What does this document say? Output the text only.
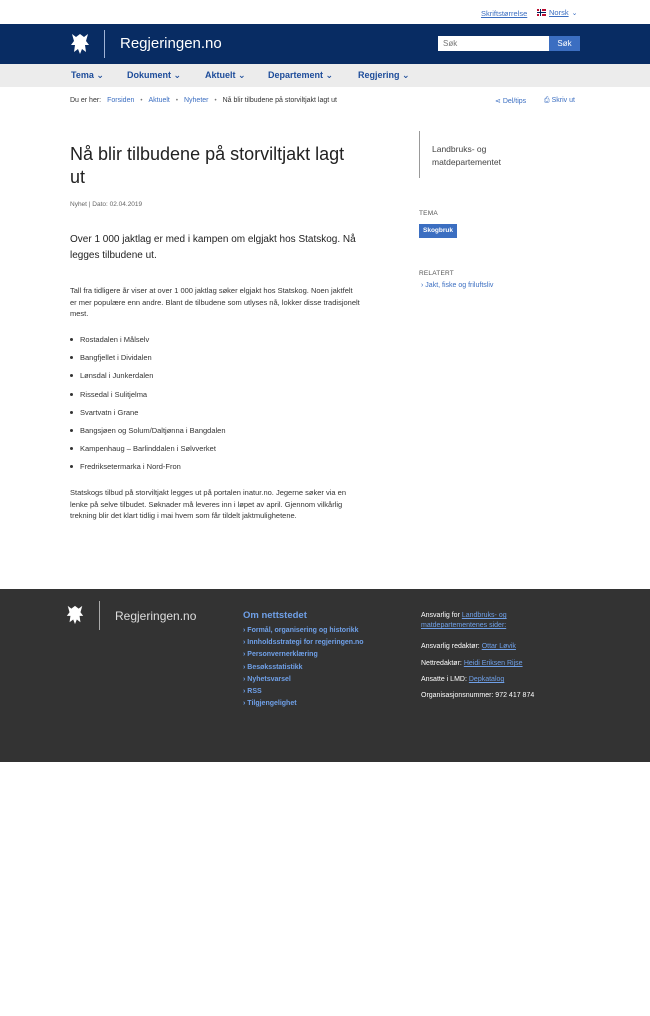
Skriftstørrelse	Norsk ⌄
Regjeringen.no
Søk	Søk
Tema ⌄	Dokument ⌄	Aktuelt ⌄ Departement ⌄	Regjering ⌄
Du er her: Forsiden • Aktuelt • Nyheter • Nå blir tilbudene på storviltjakt lagt ut	⋖ Del/tips	⎙ Skriv ut
Nå blir tilbudene på storviltjakt lagt ut
Nyhet | Dato: 02.04.2019

Over 1 000 jaktlag er med i kampen om elgjakt hos Statskog. Nå legges tilbudene ut.

Tall fra tidligere år viser at over 1 000 jaktlag søker elgjakt hos Statskog. Noen jaktfelt er mer populære enn andre. Blant de tilbudene som utlyses nå, lokker disse tradisjonelt mest.

Rostadalen i Målselv
Bangfjellet i Dividalen
Lønsdal i Junkerdalen
Rissedal i Sulitjelma
Svartvatn i Grane
Bangsjøen og Solum/Daltjønna i Bangdalen
Kampenhaug – Barlinddalen i Sølvverket
Fredriksetermarka i Nord-Fron

Statskogs tilbud på storviltjakt legges ut på portalen inatur.no. Jegerne søker via en lenke på selve tilbudet. Søknader må leveres inn i løpet av april. Gjennom vilkårlig trekning blir det klart tidlig i mai hvem som får tildelt jaktmulighetene.

Landbruks- og matdepartementet
TEMA
Skogbruk
RELATERT
› Jakt, fiske og friluftsliv
Regjeringen.no	Om nettstedet
› Formål, organisering og historikk
› Innholdsstrategi for regjeringen.no
› Personvernerklæring
› Besøksstatistikk
› Nyhetsvarsel
› RSS
› Tilgjengelighet
Ansvarlig for Landbruks- og matdepartementenes sider:
Ansvarlig redaktør: Ottar Løvik
Nettredaktør: Heidi Eriksen Rijse
Ansatte i LMD: Depkatalog
Organisasjonsnummer: 972 417 874
